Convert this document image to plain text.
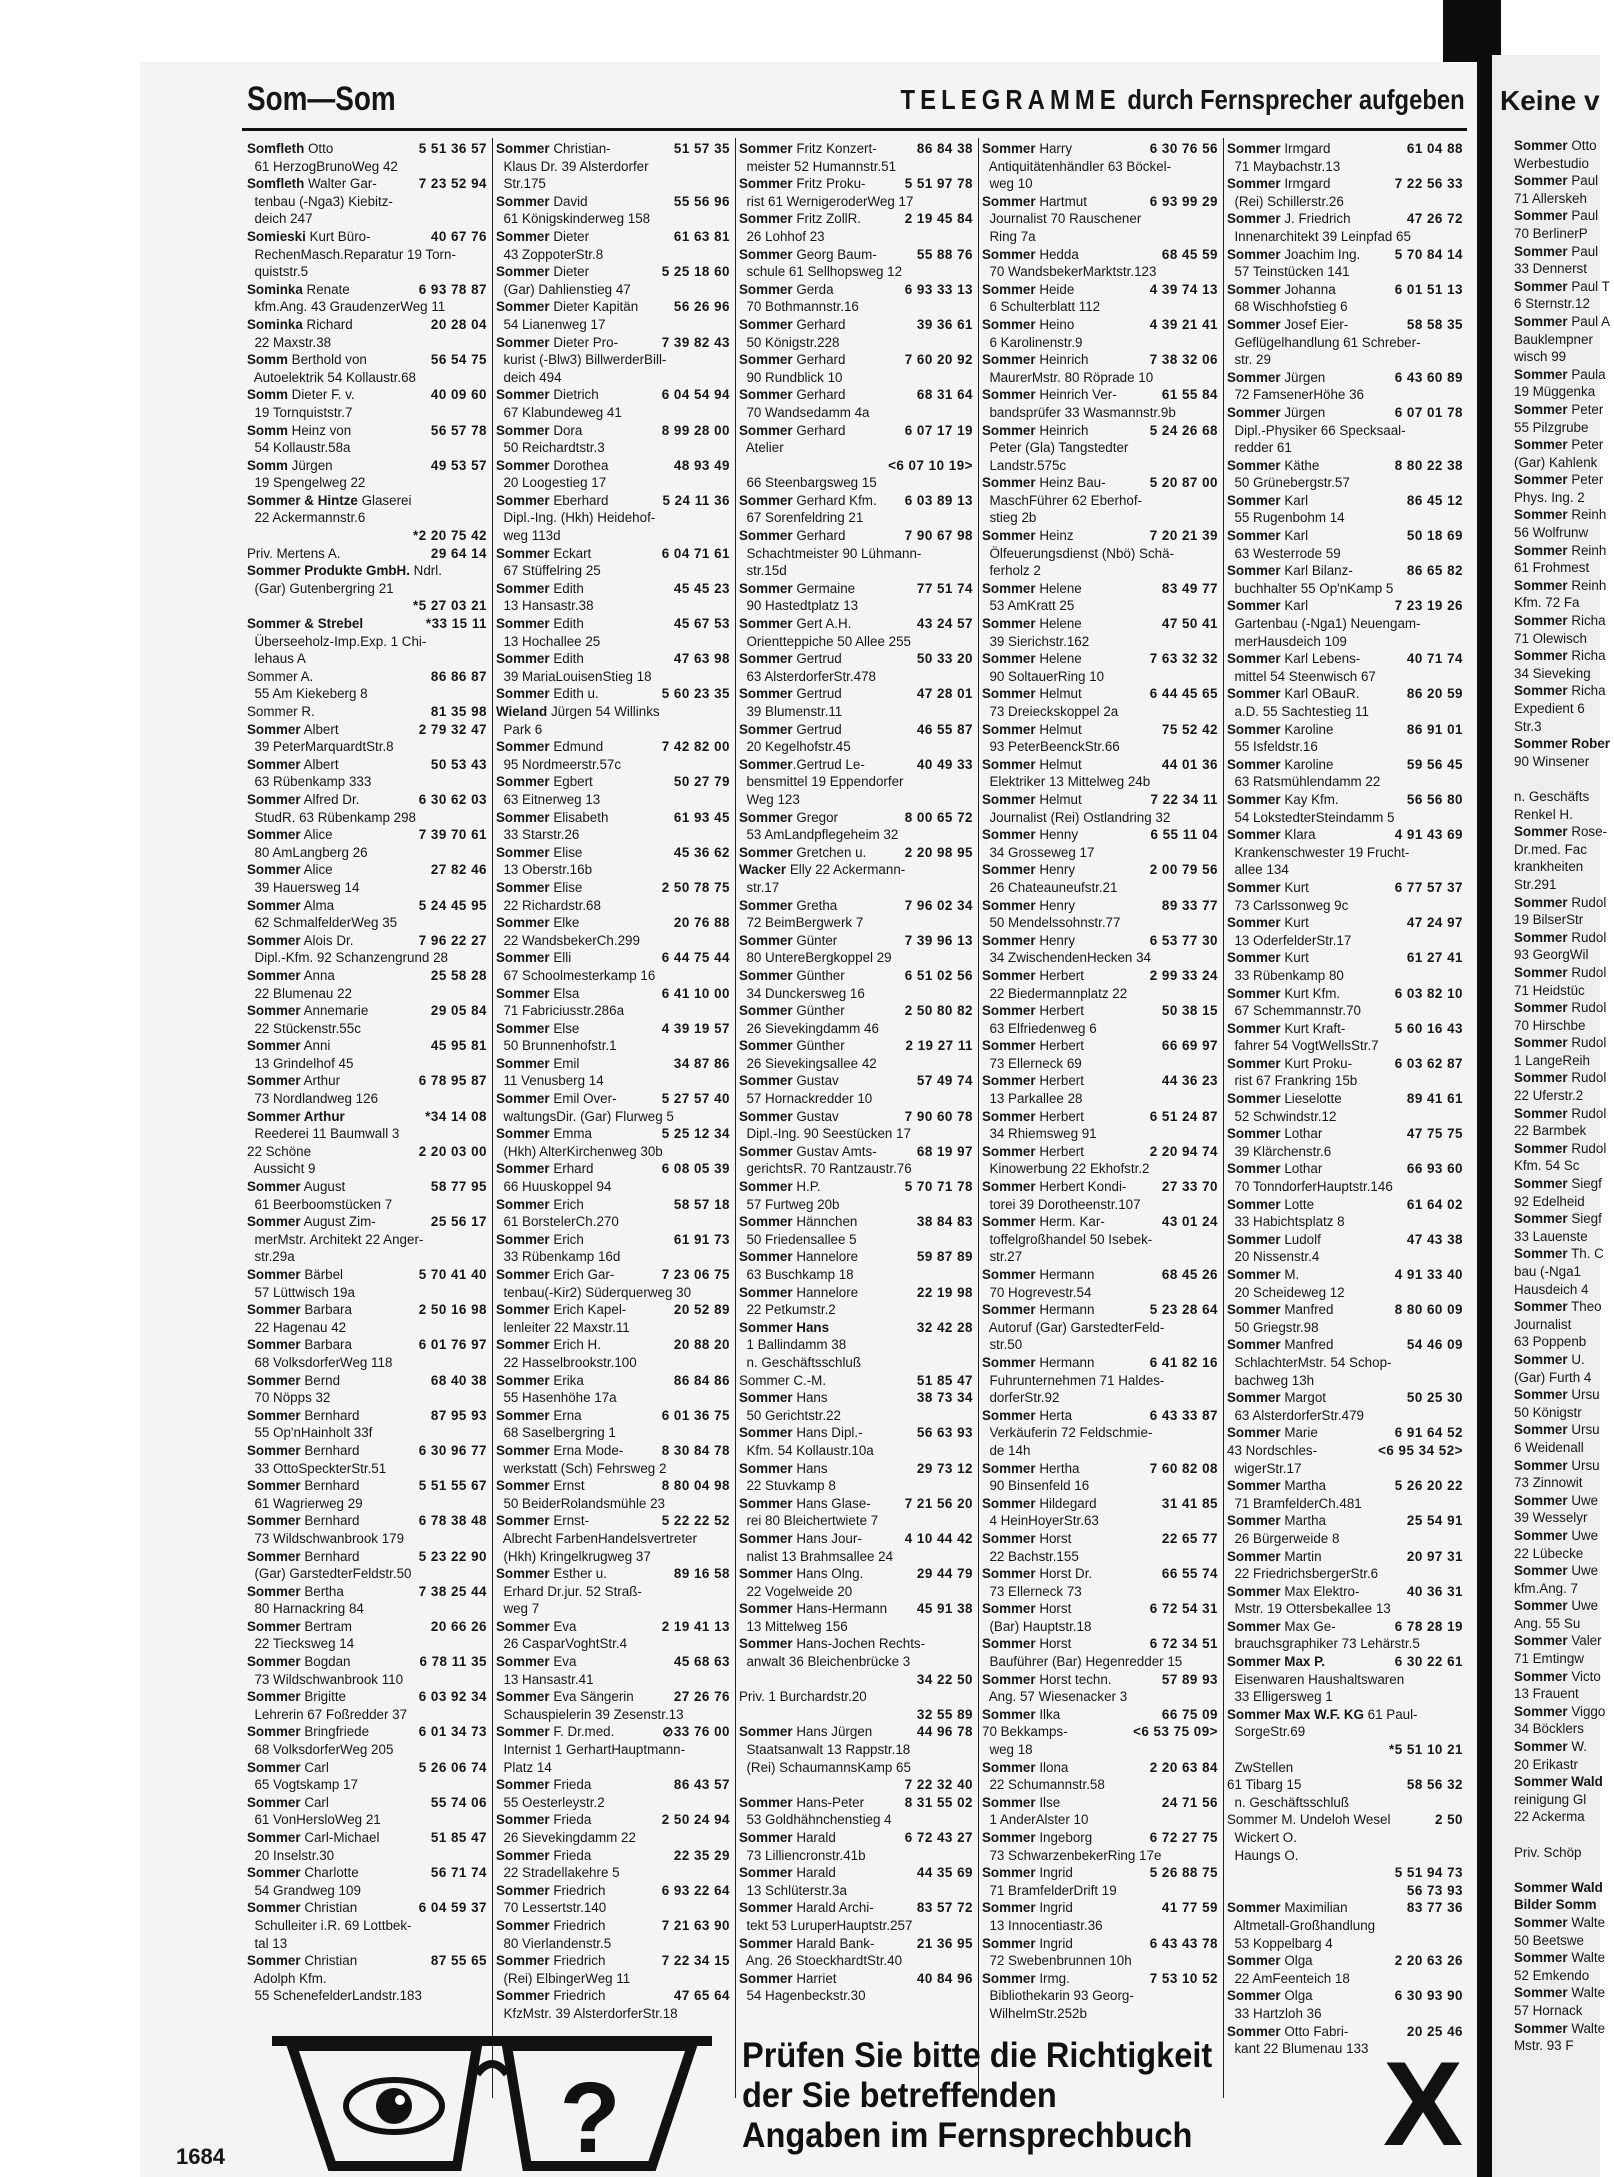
Som—Som	TELEGRAMME durch Fernsprecher aufgeben
5 51 36 57
Somfleth Otto
61 HerzogBrunoWeg 42
7 23 52 94
Somfleth Walter Gar-
tenbau (-Nga3) Kiebitz-
deich 247
40 67 76
Somieski Kurt Büro-
RechenMasch.Reparatur 19 Torn-
quiststr.5
6 93 78 87
Sominka Renate
kfm.Ang. 43 GraudenzerWeg 11
20 28 04
Sominka Richard
22 Maxstr.38
56 54 75
Somm Berthold von
Autoelektrik 54 Kollaustr.68
40 09 60
Somm Dieter F. v.
19 Tornquiststr.7
56 57 78
Somm Heinz von
54 Kollaustr.58a
49 53 57
Somm Jürgen
19 Spengelweg 22
Sommer & Hintze Glaserei
22 Ackermannstr.6
*2 20 75 42

29 64 14
Priv. Mertens A.
Sommer Produkte GmbH. Ndrl.
(Gar) Gutenbergring 21
*5 27 03 21

*33 15 11
Sommer & Strebel
Überseeholz-Imp.Exp. 1 Chi-
lehaus A
86 86 87
Sommer A.
55 Am Kiekeberg 8
81 35 98
Sommer R.
2 79 32 47
Sommer Albert
39 PeterMarquardtStr.8
50 53 43
Sommer Albert
63 Rübenkamp 333
6 30 62 03
Sommer Alfred Dr.
StudR. 63 Rübenkamp 298
7 39 70 61
Sommer Alice
80 AmLangberg 26
27 82 46
Sommer Alice
39 Hauersweg 14
5 24 45 95
Sommer Alma
62 SchmalfelderWeg 35
7 96 22 27
Sommer Alois Dr.
Dipl.-Kfm. 92 Schanzengrund 28
25 58 28
Sommer Anna
22 Blumenau 22
29 05 84
Sommer Annemarie
22 Stückenstr.55c
45 95 81
Sommer Anni
13 Grindelhof 45
6 78 95 87
Sommer Arthur
73 Nordlandweg 126
*34 14 08
Sommer Arthur
Reederei 11 Baumwall 3
2 20 03 00
22 Schöne
Aussicht 9
58 77 95
Sommer August
61 Beerboomstücken 7
25 56 17
Sommer August Zim-
merMstr. Architekt 22 Anger-
str.29a
5 70 41 40
Sommer Bärbel
57 Lüttwisch 19a
2 50 16 98
Sommer Barbara
22 Hagenau 42
6 01 76 97
Sommer Barbara
68 VolksdorferWeg 118
68 40 38
Sommer Bernd
70 Nöpps 32
87 95 93
Sommer Bernhard
55 Op'nHainholt 33f
6 30 96 77
Sommer Bernhard
33 OttoSpeckterStr.51
5 51 55 67
Sommer Bernhard
61 Wagrierweg 29
6 78 38 48
Sommer Bernhard
73 Wildschwanbrook 179
5 23 22 90
Sommer Bernhard
(Gar) GarstedterFeldstr.50
7 38 25 44
Sommer Bertha
80 Harnackring 84
20 66 26
Sommer Bertram
22 Tiecksweg 14
6 78 11 35
Sommer Bogdan
73 Wildschwanbrook 110
6 03 92 34
Sommer Brigitte
Lehrerin 67 Foßredder 37
6 01 34 73
Sommer Bringfriede
68 VolksdorferWeg 205
5 26 06 74
Sommer Carl
65 Vogtskamp 17
55 74 06
Sommer Carl
61 VonHersloWeg 21
51 85 47
Sommer Carl-Michael
20 Inselstr.30
56 71 74
Sommer Charlotte
54 Grandweg 109
6 04 59 37
Sommer Christian
Schulleiter i.R. 69 Lottbek-
tal 13
87 55 65
Sommer Christian
Adolph Kfm.
55 SchenefelderLandstr.183
51 57 35
Sommer Christian-
Klaus Dr. 39 Alsterdorfer
Str.175
55 56 96
Sommer David
61 Königskinderweg 158
61 63 81
Sommer Dieter
43 ZoppoterStr.8
5 25 18 60
Sommer Dieter
(Gar) Dahlienstieg 47
56 26 96
Sommer Dieter Kapitän
54 Lianenweg 17
7 39 82 43
Sommer Dieter Pro-
kurist (-Blw3) BillwerderBill-
deich 494
6 04 54 94
Sommer Dietrich
67 Klabundeweg 41
8 99 28 00
Sommer Dora
50 Reichardtstr.3
48 93 49
Sommer Dorothea
20 Loogestieg 17
5 24 11 36
Sommer Eberhard
Dipl.-Ing. (Hkh) Heidehof-
weg 113d
6 04 71 61
Sommer Eckart
67 Stüffelring 25
45 45 23
Sommer Edith
13 Hansastr.38
45 67 53
Sommer Edith
13 Hochallee 25
47 63 98
Sommer Edith
39 MariaLouisenStieg 18
5 60 23 35
Sommer Edith u.
Wieland Jürgen 54 Willinks
Park 6
7 42 82 00
Sommer Edmund
95 Nordmeerstr.57c
50 27 79
Sommer Egbert
63 Eitnerweg 13
61 93 45
Sommer Elisabeth
33 Starstr.26
45 36 62
Sommer Elise
13 Oberstr.16b
2 50 78 75
Sommer Elise
22 Richardstr.68
20 76 88
Sommer Elke
22 WandsbekerCh.299
6 44 75 44
Sommer Elli
67 Schoolmesterkamp 16
6 41 10 00
Sommer Elsa
71 Fabriciusstr.286a
4 39 19 57
Sommer Else
50 Brunnenhofstr.1
34 87 86
Sommer Emil
11 Venusberg 14
5 27 57 40
Sommer Emil Over-
waltungsDir. (Gar) Flurweg 5
5 25 12 34
Sommer Emma
(Hkh) AlterKirchenweg 30b
6 08 05 39
Sommer Erhard
66 Huuskoppel 94
58 57 18
Sommer Erich
61 BorstelerCh.270
61 91 73
Sommer Erich
33 Rübenkamp 16d
7 23 06 75
Sommer Erich Gar-
tenbau(-Kir2) Süderquerweg 30
20 52 89
Sommer Erich Kapel-
lenleiter 22 Maxstr.11
20 88 20
Sommer Erich H.
22 Hasselbrookstr.100
86 84 86
Sommer Erika
55 Hasenhöhe 17a
6 01 36 75
Sommer Erna
68 Saselbergring 1
8 30 84 78
Sommer Erna Mode-
werkstatt (Sch) Fehrsweg 2
8 80 04 98
Sommer Ernst
50 BeiderRolandsmühle 23
5 22 22 52
Sommer Ernst-
Albrecht FarbenHandelsvertreter
(Hkh) Kringelkrugweg 37
89 16 58
Sommer Esther u.
Erhard Dr.jur. 52 Straß-
weg 7
2 19 41 13
Sommer Eva
26 CasparVoghtStr.4
45 68 63
Sommer Eva
13 Hansastr.41
27 26 76
Sommer Eva Sängerin
Schauspielerin 39 Zesenstr.13
⊘33 76 00
Sommer F. Dr.med.
Internist 1 GerhartHauptmann-
Platz 14
86 43 57
Sommer Frieda
55 Oesterleystr.2
2 50 24 94
Sommer Frieda
26 Sievekingdamm 22
22 35 29
Sommer Frieda
22 Stradellakehre 5
6 93 22 64
Sommer Friedrich
70 Lessertstr.140
7 21 63 90
Sommer Friedrich
80 Vierlandenstr.5
7 22 34 15
Sommer Friedrich
(Rei) ElbingerWeg 11
47 65 64
Sommer Friedrich
KfzMstr. 39 AlsterdorferStr.18
86 84 38
Sommer Fritz Konzert-
meister 52 Humannstr.51
5 51 97 78
Sommer Fritz Proku-
rist 61 WernigeroderWeg 17
2 19 45 84
Sommer Fritz ZollR.
26 Lohhof 23
55 88 76
Sommer Georg Baum-
schule 61 Sellhopsweg 12
6 93 33 13
Sommer Gerda
70 Bothmannstr.16
39 36 61
Sommer Gerhard
50 Königstr.228
7 60 20 92
Sommer Gerhard
90 Rundblick 10
68 31 64
Sommer Gerhard
70 Wandsedamm 4a
6 07 17 19
Sommer Gerhard
Atelier
<6 07 10 19>

66 Steenbargsweg 15
6 03 89 13
Sommer Gerhard Kfm.
67 Sorenfeldring 21
7 90 67 98
Sommer Gerhard
Schachtmeister 90 Lühmann-
str.15d
77 51 74
Sommer Germaine
90 Hastedtplatz 13
43 24 57
Sommer Gert A.H.
Orientteppiche 50 Allee 255
50 33 20
Sommer Gertrud
63 AlsterdorferStr.478
47 28 01
Sommer Gertrud
39 Blumenstr.11
46 55 87
Sommer Gertrud
20 Kegelhofstr.45
40 49 33
Sommer.Gertrud Le-
bensmittel 19 Eppendorfer
Weg 123
8 00 65 72
Sommer Gregor
53 AmLandpflegeheim 32
2 20 98 95
Sommer Gretchen u.
Wacker Elly 22 Ackermann-
str.17
7 96 02 34
Sommer Gretha
72 BeimBergwerk 7
7 39 96 13
Sommer Günter
80 UntereBergkoppel 29
6 51 02 56
Sommer Günther
34 Dunckersweg 16
2 50 80 82
Sommer Günther
26 Sievekingdamm 46
2 19 27 11
Sommer Günther
26 Sievekingsallee 42
57 49 74
Sommer Gustav
57 Hornackredder 10
7 90 60 78
Sommer Gustav
Dipl.-Ing. 90 Seestücken 17
68 19 97
Sommer Gustav Amts-
gerichtsR. 70 Rantzaustr.76
5 70 71 78
Sommer H.P.
57 Furtweg 20b
38 84 83
Sommer Hännchen
50 Friedensallee 5
59 87 89
Sommer Hannelore
63 Buschkamp 18
22 19 98
Sommer Hannelore
22 Petkumstr.2
32 42 28
Sommer Hans
1 Ballindamm 38
n. Geschäftsschluß
51 85 47
Sommer C.-M.
38 73 34
Sommer Hans
50 Gerichtstr.22
56 63 93
Sommer Hans Dipl.-
Kfm. 54 Kollaustr.10a
29 73 12
Sommer Hans
22 Stuvkamp 8
7 21 56 20
Sommer Hans Glase-
rei 80 Bleichertwiete 7
4 10 44 42
Sommer Hans Jour-
nalist 13 Brahmsallee 24
29 44 79
Sommer Hans Olng.
22 Vogelweide 20
45 91 38
Sommer Hans-Hermann
13 Mittelweg 156
Sommer Hans-Jochen Rechts-
anwalt 36 Bleichenbrücke 3
34 22 50

Priv. 1 Burchardstr.20
32 55 89

44 96 78
Sommer Hans Jürgen
Staatsanwalt 13 Rappstr.18
(Rei) SchaumannsKamp 65
7 22 32 40

8 31 55 02
Sommer Hans-Peter
53 Goldhähnchenstieg 4
6 72 43 27
Sommer Harald
73 Lilliencronstr.41b
44 35 69
Sommer Harald
13 Schlüterstr.3a
83 57 72
Sommer Harald Archi-
tekt 53 LuruperHauptstr.257
21 36 95
Sommer Harald Bank-
Ang. 26 StoeckhardtStr.40
40 84 96
Sommer Harriet
54 Hagenbeckstr.30
6 30 76 56
Sommer Harry
Antiquitätenhändler 63 Böckel-
weg 10
6 93 99 29
Sommer Hartmut
Journalist 70 Rauschener
Ring 7a
68 45 59
Sommer Hedda
70 WandsbekerMarktstr.123
4 39 74 13
Sommer Heide
6 Schulterblatt 112
4 39 21 41
Sommer Heino
6 Karolinenstr.9
7 38 32 06
Sommer Heinrich
MaurerMstr. 80 Röprade 10
61 55 84
Sommer Heinrich Ver-
bandsprüfer 33 Wasmannstr.9b
5 24 26 68
Sommer Heinrich
Peter (Gla) Tangstedter
Landstr.575c
5 20 87 00
Sommer Heinz Bau-
MaschFührer 62 Eberhof-
stieg 2b
7 20 21 39
Sommer Heinz
Ölfeuerungsdienst (Nbö) Schä-
ferholz 2
83 49 77
Sommer Helene
53 AmKratt 25
47 50 41
Sommer Helene
39 Sierichstr.162
7 63 32 32
Sommer Helene
90 SoltauerRing 10
6 44 45 65
Sommer Helmut
73 Dreieckskoppel 2a
75 52 42
Sommer Helmut
93 PeterBeenckStr.66
44 01 36
Sommer Helmut
Elektriker 13 Mittelweg 24b
7 22 34 11
Sommer Helmut
Journalist (Rei) Ostlandring 32
6 55 11 04
Sommer Henny
34 Grosseweg 17
2 00 79 56
Sommer Henry
26 Chateauneufstr.21
89 33 77
Sommer Henry
50 Mendelssohnstr.77
6 53 77 30
Sommer Henry
34 ZwischendenHecken 34
2 99 33 24
Sommer Herbert
22 Biedermannplatz 22
50 38 15
Sommer Herbert
63 Elfriedenweg 6
66 69 97
Sommer Herbert
73 Ellerneck 69
44 36 23
Sommer Herbert
13 Parkallee 28
6 51 24 87
Sommer Herbert
34 Rhiemsweg 91
2 20 94 74
Sommer Herbert
Kinowerbung 22 Ekhofstr.2
27 33 70
Sommer Herbert Kondi-
torei 39 Dorotheenstr.107
43 01 24
Sommer Herm. Kar-
toffelgroßhandel 50 Isebek-
str.27
68 45 26
Sommer Hermann
70 Hogrevestr.54
5 23 28 64
Sommer Hermann
Autoruf (Gar) GarstedterFeld-
str.50
6 41 82 16
Sommer Hermann
Fuhrunternehmen 71 Haldes-
dorferStr.92
6 43 33 87
Sommer Herta
Verkäuferin 72 Feldschmie-
de 14h
7 60 82 08
Sommer Hertha
90 Binsenfeld 16
31 41 85
Sommer Hildegard
4 HeinHoyerStr.63
22 65 77
Sommer Horst
22 Bachstr.155
66 55 74
Sommer Horst Dr.
73 Ellerneck 73
6 72 54 31
Sommer Horst
(Bar) Hauptstr.18
6 72 34 51
Sommer Horst
Bauführer (Bar) Hegenredder 15
57 89 93
Sommer Horst techn.
Ang. 57 Wiesenacker 3
66 75 09
Sommer Ilka
<6 53 75 09>
70 Bekkamps-
weg 18
2 20 63 84
Sommer Ilona
22 Schumannstr.58
24 71 56
Sommer Ilse
1 AnderAlster 10
6 72 27 75
Sommer Ingeborg
73 SchwarzenbekerRing 17e
5 26 88 75
Sommer Ingrid
71 BramfelderDrift 19
41 77 59
Sommer Ingrid
13 Innocentiastr.36
6 43 43 78
Sommer Ingrid
72 Swebenbrunnen 10h
7 53 10 52
Sommer Irmg.
Bibliothekarin 93 Georg-
WilhelmStr.252b
61 04 88
Sommer Irmgard
71 Maybachstr.13
7 22 56 33
Sommer Irmgard
(Rei) Schillerstr.26
47 26 72
Sommer J. Friedrich
Innenarchitekt 39 Leinpfad 65
5 70 84 14
Sommer Joachim Ing.
57 Teinstücken 141
6 01 51 13
Sommer Johanna
68 Wischhofstieg 6
58 58 35
Sommer Josef Eier-
Geflügelhandlung 61 Schreber-
str. 29
6 43 60 89
Sommer Jürgen
72 FamsenerHöhe 36
6 07 01 78
Sommer Jürgen
Dipl.-Physiker 66 Specksaal-
redder 61
8 80 22 38
Sommer Käthe
50 Grünebergstr.57
86 45 12
Sommer Karl
55 Rugenbohm 14
50 18 69
Sommer Karl
63 Westerrode 59
86 65 82
Sommer Karl Bilanz-
buchhalter 55 Op'nKamp 5
7 23 19 26
Sommer Karl
Gartenbau (-Nga1) Neuengam-
merHausdeich 109
40 71 74
Sommer Karl Lebens-
mittel 54 Steenwisch 67
86 20 59
Sommer Karl OBauR.
a.D. 55 Sachtestieg 11
86 91 01
Sommer Karoline
55 Isfeldstr.16
59 56 45
Sommer Karoline
63 Ratsmühlendamm 22
56 56 80
Sommer Kay Kfm.
54 LokstedterSteindamm 5
4 91 43 69
Sommer Klara
Krankenschwester 19 Frucht-
allee 134
6 77 57 37
Sommer Kurt
73 Carlssonweg 9c
47 24 97
Sommer Kurt
13 OderfelderStr.17
61 27 41
Sommer Kurt
33 Rübenkamp 80
6 03 82 10
Sommer Kurt Kfm.
67 Schemmannstr.70
5 60 16 43
Sommer Kurt Kraft-
fahrer 54 VogtWellsStr.7
6 03 62 87
Sommer Kurt Proku-
rist 67 Frankring 15b
89 41 61
Sommer Lieselotte
52 Schwindstr.12
47 75 75
Sommer Lothar
39 Klärchenstr.6
66 93 60
Sommer Lothar
70 TonndorferHauptstr.146
61 64 02
Sommer Lotte
33 Habichtsplatz 8
47 43 38
Sommer Ludolf
20 Nissenstr.4
4 91 33 40
Sommer M.
20 Scheideweg 12
8 80 60 09
Sommer Manfred
50 Griegstr.98
54 46 09
Sommer Manfred
SchlachterMstr. 54 Schop-
bachweg 13h
50 25 30
Sommer Margot
63 AlsterdorferStr.479
6 91 64 52
Sommer Marie
<6 95 34 52>
43 Nordschles-
wigerStr.17
5 26 20 22
Sommer Martha
71 BramfelderCh.481
25 54 91
Sommer Martha
26 Bürgerweide 8
20 97 31
Sommer Martin
22 FriedrichsbergerStr.6
40 36 31
Sommer Max Elektro-
Mstr. 19 Ottersbekallee 13
6 78 28 19
Sommer Max Ge-
brauchsgraphiker 73 Lehärstr.5
6 30 22 61
Sommer Max P.
Eisenwaren Haushaltswaren
33 Elligersweg 1
Sommer Max W.F. KG 61 Paul-
SorgeStr.69
*5 51 10 21

ZwStellen
58 56 32
61 Tibarg 15
n. Geschäftsschluß
2 50
Sommer M. Undeloh Wesel
Wickert O.
Haungs O.
5 51 94 73

56 73 93

83 77 36
Sommer Maximilian
Altmetall-Großhandlung
53 Koppelbarg 4
2 20 63 26
Sommer Olga
22 AmFeenteich 18
6 30 93 90
Sommer Olga
33 Hartzloh 36
20 25 46
Sommer Otto Fabri-
kant 22 Blumenau 133
?
Prüfen Sie bitte die Richtigkeit
der Sie betreffenden
Angaben im Fernsprechbuch X
1684
Keine v
Sommer Otto
Werbestudio
Sommer Paul
71 Allerskeh
Sommer Paul
70 BerlinerP
Sommer Paul
33 Dennerst
Sommer Paul T
6 Sternstr.12
Sommer Paul A
Bauklempner
wisch 99
Sommer Paula
19 Müggenka
Sommer Peter
55 Pilzgrube
Sommer Peter
(Gar) Kahlenk
Sommer Peter
Phys. Ing. 2
Sommer Reinh
56 Wolfrunw
Sommer Reinh
61 Frohmest
Sommer Reinh
Kfm. 72 Fa
Sommer Richa
71 Olewisch
Sommer Richa
34 Sieveking
Sommer Richa
Expedient 6
Str.3
Sommer Rober
90 Winsener

n. Geschäfts
Renkel H.
Sommer Rose-
Dr.med. Fac
krankheiten
Str.291
Sommer Rudol
19 BilserStr
Sommer Rudol
93 GeorgWil
Sommer Rudol
71 Heidstüc
Sommer Rudol
70 Hirschbe
Sommer Rudol
1 LangeReih
Sommer Rudol
22 Uferstr.2
Sommer Rudol
22 Barmbek
Sommer Rudol
Kfm. 54 Sc
Sommer Siegf
92 Edelheid
Sommer Siegf
33 Lauenste
Sommer Th. C
bau (-Nga1
Hausdeich 4
Sommer Theo
Journalist
63 Poppenb
Sommer U.
(Gar) Furth 4
Sommer Ursu
50 Königstr
Sommer Ursu
6 Weidenall
Sommer Ursu
73 Zinnowit
Sommer Uwe
39 Wesselyr
Sommer Uwe
22 Lübecke
Sommer Uwe
kfm.Ang. 7
Sommer Uwe
Ang. 55 Su
Sommer Valer
71 Emtingw
Sommer Victo
13 Frauent
Sommer Viggo
34 Böcklers
Sommer W.
20 Erikastr
Sommer Wald
reinigung Gl
22 Ackerma

Priv. Schöp

Sommer Wald
Bilder Somm
Sommer Walte
50 Beetswe
Sommer Walte
52 Emkendo
Sommer Walte
57 Hornack
Sommer Walte
Mstr. 93 F
